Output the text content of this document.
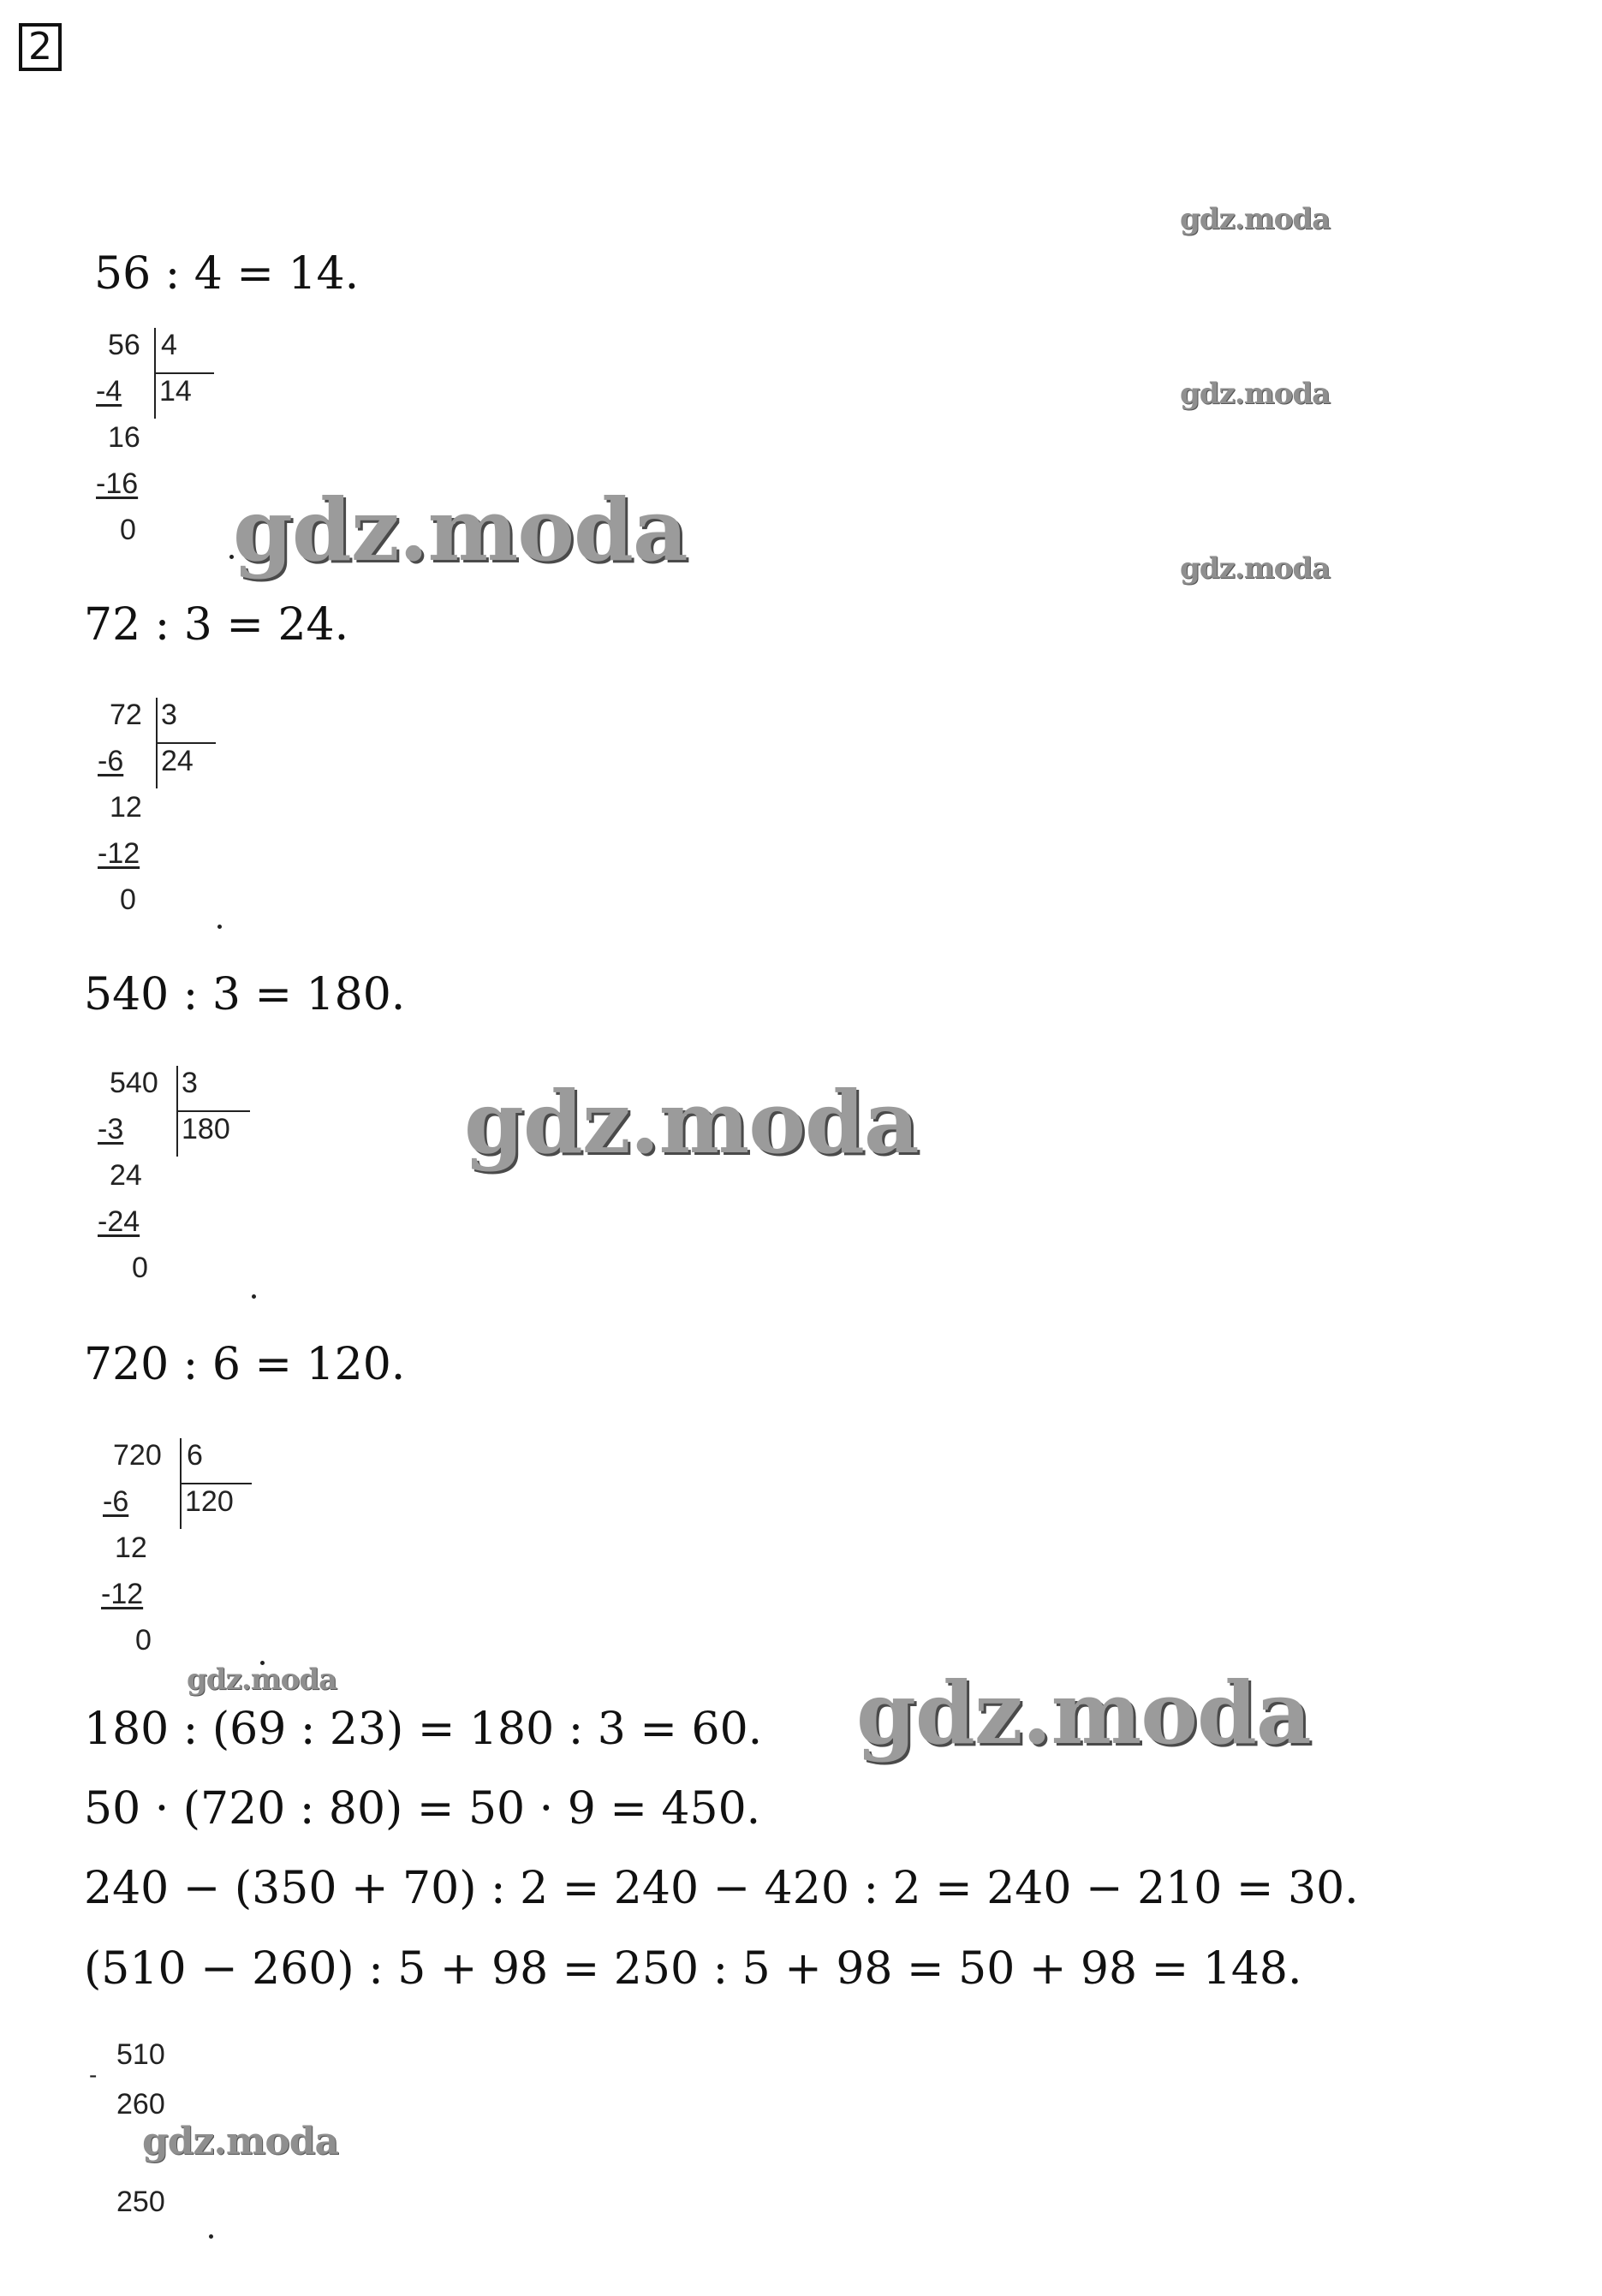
2
gdz.moda
gdz.moda
gdz.moda
56 : 4 = 14.
56 4
14
-4
16
-16
0 gdz.moda
72 : 3 = 24.
72 3
24
-6
12
-12
0
540 : 3 = 180.
540 3
180
-3
24
-24
0
gdz.moda
720 : 6 = 120.
720 6
120
-6
12
-12
0
gdz.moda	gdz.moda
180 : (69 : 23) = 180 : 3 = 60.
50 · (720 : 80) = 50 · 9 = 450.
240 − (350 + 70) : 2 = 240 − 420 : 2 = 240 − 210 = 30.
(510 − 260) : 5 + 98 = 250 : 5 + 98 = 50 + 98 = 148.
510
-
260
250
gdz.moda
